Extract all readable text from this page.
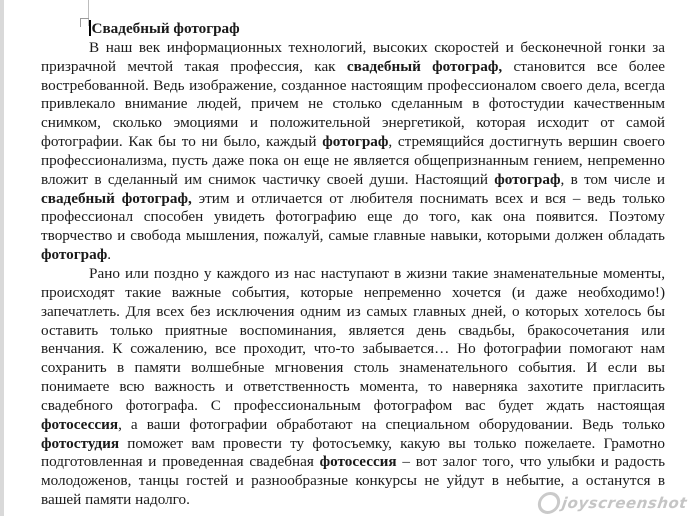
Свадебный фотограф

В наш век информационных технологий, высоких скоростей и бесконечной гонки за призрачной мечтой такая профессия, как свадебный фотограф, становится все более востребованной. Ведь изображение, созданное настоящим профессионалом своего дела, всегда привлекало внимание людей, причем не столько сделанным в фотостудии качественным снимком, сколько эмоциями и положительной энергетикой, которая исходит от самой фотографии. Как бы то ни было, каждый фотограф, стремящийся достигнуть вершин своего профессионализма, пусть даже пока он еще не является общепризнанным гением, непременно вложит в сделанный им снимок частичку своей души. Настоящий фотограф, в том числе и свадебный фотограф, этим и отличается от любителя поснимать всех и вся – ведь только профессионал способен увидеть фотографию еще до того, как она появится. Поэтому творчество и свобода мышления, пожалуй, самые главные навыки, которыми должен обладать фотограф.

Рано или поздно у каждого из нас наступают в жизни такие знаменательные моменты, происходят такие важные события, которые непременно хочется (и даже необходимо!) запечатлеть. Для всех без исключения одним из самых главных дней, о которых хотелось бы оставить только приятные воспоминания, является день свадьбы, бракосочетания или венчания. К сожалению, все проходит, что-то забывается… Но фотографии помогают нам сохранить в памяти волшебные мгновения столь знаменательного события. И если вы понимаете всю важность и ответственность момента, то наверняка захотите пригласить свадебного фотографа. С профессиональным фотографом вас будет ждать настоящая фотосессия, а ваши фотографии обработают на специальном оборудовании. Ведь только фотостудия поможет вам провести ту фотосъемку, какую вы только пожелаете. Грамотно подготовленная и проведенная свадебная фотосессия – вот залог того, что улыбки и радость молодоженов, танцы гостей и разнообразные конкурсы не уйдут в небытие, а останутся в вашей памяти надолго.	joyscreenshot
